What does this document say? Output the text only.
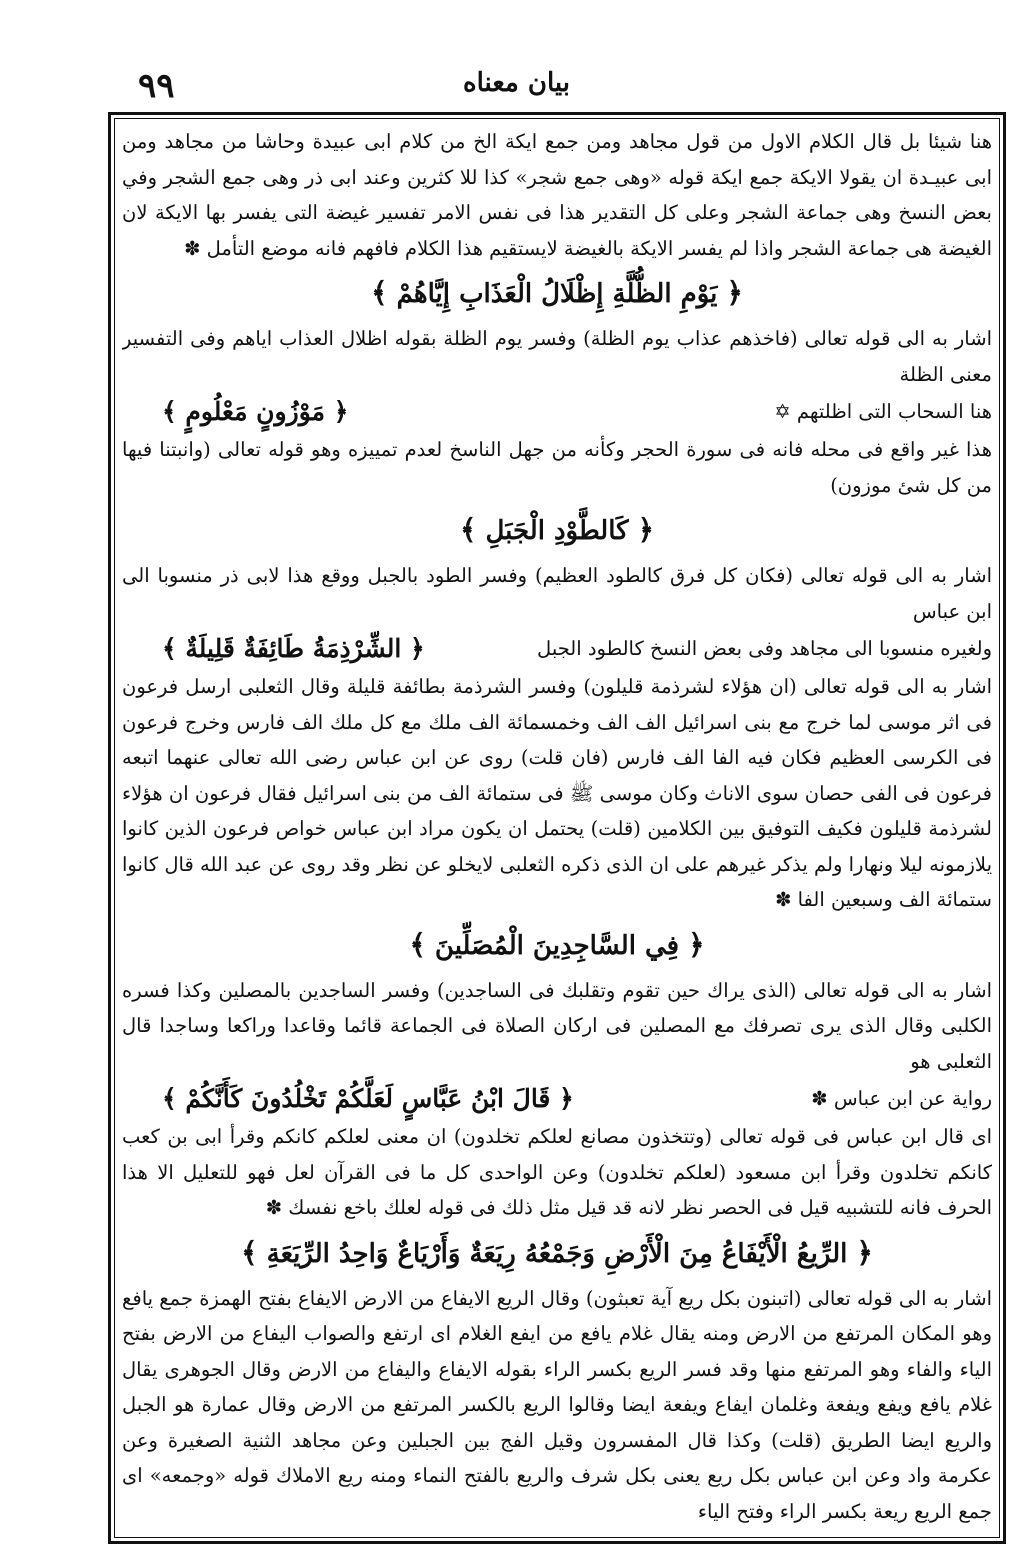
٩٩	بيان معناه

هنا شيئا بل قال الكلام الاول من قول مجاهد ومن جمع ايكة الخ من كلام ابى عبيدة وحاشا من مجاهد ومن ابى عبيـدة ان يقولا الايكة جمع ايكة قوله «وهى جمع شجر» كذا للا كثرين وعند ابى ذر وهى جمع الشجر وفي بعض النسخ وهى جماعة الشجر وعلى كل التقدير هذا فى نفس الامر تفسير غيضة التى يفسر بها الايكة لان الغيضة هى جماعة الشجر واذا لم يفسر الايكة بالغيضة لايستقيم هذا الكلام فافهم فانه موضع التأمل ✽

﴿ يَوْمِ الظُّلَّةِ إِظْلَالُ الْعَذَابِ إِيَّاهُمْ ﴾

اشار به الى قوله تعالى (فاخذهم عذاب يوم الظلة) وفسر يوم الظلة بقوله اظلال العذاب اياهم وفى التفسير معنى الظلة

هنا السحاب التى اظلتهم ✡
﴿ مَوْزُونٍ مَعْلُومٍ ﴾

هذا غير واقع فى محله فانه فى سورة الحجر وكأنه من جهل الناسخ لعدم تمييزه وهو قوله تعالى (وانبتنا فيها من كل شئ موزون)

﴿ كَالطَّوْدِ الْجَبَلِ ﴾

اشار به الى قوله تعالى (فكان كل فرق كالطود العظيم) وفسر الطود بالجبل ووقع هذا لابى ذر منسوبا الى ابن عباس

ولغيره منسوبا الى مجاهد وفى بعض النسخ كالطود الجبل
﴿ الشِّرْذِمَةُ طَائِفَةٌ قَلِيلَةٌ ﴾

اشار به الى قوله تعالى (ان هؤلاء لشرذمة قليلون) وفسر الشرذمة بطائفة قليلة وقال الثعلبى ارسل فرعون فى اثر موسى لما خرج مع بنى اسرائيل الف الف وخمسمائة الف ملك مع كل ملك الف فارس وخرج فرعون فى الكرسى العظيم فكان فيه الفا الف فارس (فان قلت) روى عن ابن عباس رضى الله تعالى عنهما اتبعه فرعون فى الفى حصان سوى الاناث وكان موسى ﷺ فى ستمائة الف من بنى اسرائيل فقال فرعون ان هؤلاء لشرذمة قليلون فكيف التوفيق بين الكلامين (قلت) يحتمل ان يكون مراد ابن عباس خواص فرعون الذين كانوا يلازمونه ليلا ونهارا ولم يذكر غيرهم على ان الذى ذكره الثعلبى لايخلو عن نظر وقد روى عن عبد الله قال كانوا ستمائة الف وسبعين الفا ✽

﴿ فِي السَّاجِدِينَ الْمُصَلِّينَ ﴾

اشار به الى قوله تعالى (الذى يراك حين تقوم وتقلبك فى الساجدين) وفسر الساجدين بالمصلين وكذا فسره الكلبى وقال الذى يرى تصرفك مع المصلين فى اركان الصلاة فى الجماعة قائما وقاعدا وراكعا وساجدا قال الثعلبى هو

رواية عن ابن عباس ✽
﴿ قَالَ ابْنُ عَبَّاسٍ لَعَلَّكُمْ تَخْلُدُونَ كَأَنَّكُمْ ﴾

اى قال ابن عباس فى قوله تعالى (وتتخذون مصانع لعلكم تخلدون) ان معنى لعلكم كانكم وقرأ ابى بن كعب كانكم تخلدون وقرأ ابن مسعود (لعلكم تخلدون) وعن الواحدى كل ما فى القرآن لعل فهو للتعليل الا هذا الحرف فانه للتشبيه قيل فى الحصر نظر لانه قد قيل مثل ذلك فى قوله لعلك باخع نفسك ✽

﴿ الرِّيعُ الْأَيْفَاعُ مِنَ الْأَرْضِ وَجَمْعُهُ رِيَعَةٌ وَأَرْيَاعٌ وَاحِدُ الرِّيَعَةِ ﴾

اشار به الى قوله تعالى (اتبنون بكل ريع آية تعبثون) وقال الريع الايفاع من الارض الايفاع بفتح الهمزة جمع يافع وهو المكان المرتفع من الارض ومنه يقال غلام يافع من ايفع الغلام اى ارتفع والصواب اليفاع من الارض بفتح الياء والفاء وهو المرتفع منها وقد فسر الريع بكسر الراء بقوله الايفاع واليفاع من الارض وقال الجوهرى يقال غلام يافع ويفع ويفعة وغلمان ايفاع ويفعة ايضا وقالوا الريع بالكسر المرتفع من الارض وقال عمارة هو الجبل والريع ايضا الطريق (قلت) وكذا قال المفسرون وقيل الفج بين الجبلين وعن مجاهد الثنية الصغيرة وعن عكرمة واد وعن ابن عباس بكل ريع يعنى بكل شرف والريع بالفتح النماء ومنه ريع الاملاك قوله «وجمعه» اى جمع الريع ريعة بكسر الراء وفتح الياء
